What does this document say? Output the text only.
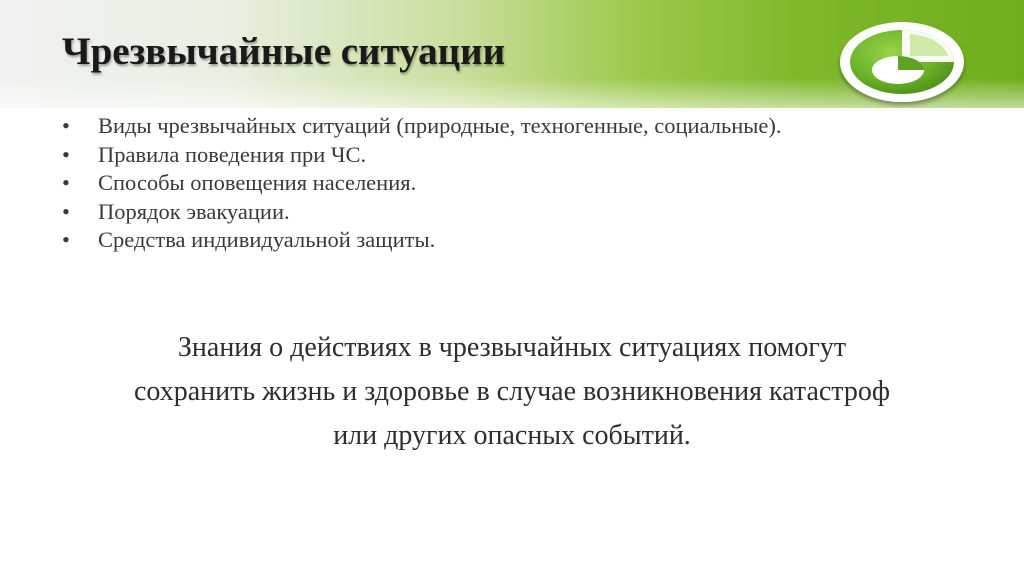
Чрезвычайные ситуации
•	Виды чрезвычайных ситуаций (природные, техногенные, социальные).
•	Правила поведения при ЧС.
•	Способы оповещения населения.
•	Порядок эвакуации.
•	Средства индивидуальной защиты.

Знания о действиях в чрезвычайных ситуациях помогут
сохранить жизнь и здоровье в случае возникновения катастроф
или других опасных событий.
